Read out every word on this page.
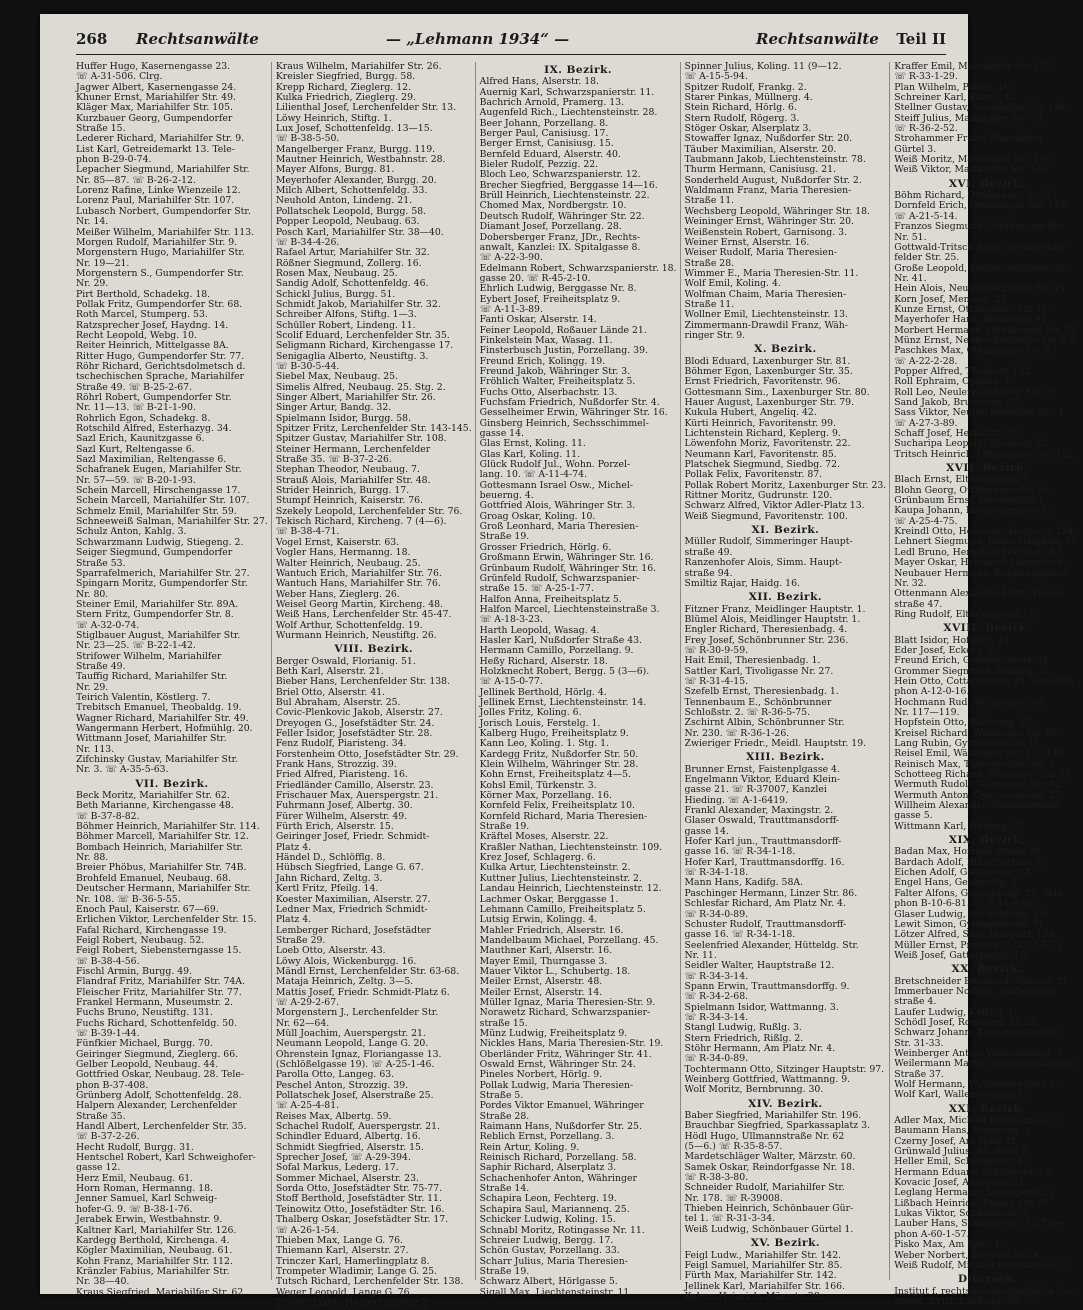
268 Rechtsanwälte	— „Lehmann 1934“ —	Rechtsanwälte Teil II
Huffer Hugo, Kasernengasse 23.
☏ A-31-506. Clrg.
Jagwer Albert, Kasernengasse 24.
Khuner Ernst, Mariahilfer Str. 49.
Kläger Max, Mariahilfer Str. 105.
Kurzbauer Georg, Gumpendorfer
Straße 15.
Lederer Richard, Mariahilfer Str. 9.
List Karl, Getreidemarkt 13. Tele-
phon B-29-0-74.
Lepacher Siegmund, Mariahilfer Str.
Nr. 85—87. ☏ B-26-2-12.
Lorenz Rafine, Linke Wienzeile 12.
Lorenz Paul, Mariahilfer Str. 107.
Lubasch Norbert, Gumpendorfer Str.
Nr. 14.
Meißer Wilhelm, Mariahilfer Str. 113.
Morgen Rudolf, Mariahilfer Str. 9.
Morgenstern Hugo, Mariahilfer Str.
Nr. 19—21.
Morgenstern S., Gumpendorfer Str.
Nr. 29.
Pirt Berthold, Schadekg. 18.
Pollak Fritz, Gumpendorfer Str. 68.
Roth Marcel, Stumperg. 53.
Ratzsprecher Josef, Haydng. 14.
Recht Leopold, Webg. 10.
Reiter Heinrich, Mittelgasse 8A.
Ritter Hugo, Gumpendorfer Str. 77.
Röhr Richard, Gerichtsdolmetsch d.
tschechischen Sprache, Mariahilfer
Straße 49. ☏ B-25-2-67.
Röhrl Robert, Gumpendorfer Str.
Nr. 11—13. ☏ B-21-1-90.
Rohrlich Egon, Schadekg. 8.
Rotschild Alfred, Esterhazyg. 34.
Sazl Erich, Kaunitzgasse 6.
Sazl Kurt, Reltengasse 6.
Sazl Maximilian, Reltengasse 6.
Schafranek Eugen, Mariahilfer Str.
Nr. 57—59. ☏ B-20-1-93.
Schein Marcell, Hirschengasse 17.
Schein Marcell, Mariahilfer Str. 107.
Schmelz Emil, Mariahilfer Str. 59.
Schneeweiß Salman, Mariahilfer Str. 27.
Schulz Anton, Kahlg. 3.
Schwarzmann Ludwig, Stiegeng. 2.
Seiger Siegmund, Gumpendorfer
Straße 53.
Sparrafelmerich, Mariahilfer Str. 27.
Spingarn Moritz, Gumpendorfer Str.
Nr. 80.
Steiner Emil, Mariahilfer Str. 89A.
Stern Fritz, Gumpendorfer Str. 8.
☏ A-32-0-74.
Stiglbauer August, Mariahilfer Str.
Nr. 23—25. ☏ B-22-1-42.
Strifower Wilhelm, Mariahilfer
Straße 49.
Tauffig Richard, Mariahilfer Str.
Nr. 29.
Teirich Valentin, Köstlerg. 7.
Trebitsch Emanuel, Theobaldg. 19.
Wagner Richard, Mariahilfer Str. 49.
Wangermann Herbert, Hofmühlg. 20.
Wittmann Josef, Mariahilfer Str.
Nr. 113.
Zifchinsky Gustav, Mariahilfer Str.
Nr. 3. ☏ A-35-5-63.
VII. Bezirk.
Beck Moritz, Mariahilfer Str. 62.
Beth Marianne, Kirchengasse 48.
☏ B-37-8-82.
Böhmer Heinrich, Mariahilfer Str. 114.
Böhmer Marcell, Mariahilfer Str. 12.
Bombach Heinrich, Mariahilfer Str.
Nr. 88.
Breier Phöbus, Mariahilfer Str. 74B.
Brohfeld Emanuel, Neubaug. 68.
Deutscher Hermann, Mariahilfer Str.
Nr. 108. ☏ B-36-5-55.
Enoch Paul, Kaiserstr. 67—69.
Erlichen Viktor, Lerchenfelder Str. 15.
Fafal Richard, Kirchengasse 19.
Feigl Robert, Neubaug. 52.
Feigl Robert, Siebensterngasse 15.
☏ B-38-4-56.
Fischl Armin, Burgg. 49.
Flandraf Fritz, Mariahilfer Str. 74A.
Fleischer Fritz, Mariahilfer Str. 77.
Frankel Hermann, Museumstr. 2.
Fuchs Bruno, Neustiftg. 131.
Fuchs Richard, Schottenfeldg. 50.
☏ B-39-1-44.
Fünfkier Michael, Burgg. 70.
Geiringer Siegmund, Zieglerg. 66.
Gelber Leopold, Neubaug. 44.
Gottfried Oskar, Neubaug. 28. Tele-
phon B-37-408.
Grünberg Adolf, Schottenfeldg. 28.
Halpern Alexander, Lerchenfelder
Straße 35.
Handl Albert, Lerchenfelder Str. 35.
☏ B-37-2-26.
Hecht Rudolf, Burgg. 31.
Hentschel Robert, Karl Schweighofer-
gasse 12.
Herz Emil, Neubaug. 61.
Horn Roman, Hermanng. 18.
Jenner Samuel, Karl Schweig-
hofer-G. 9. ☏ B-38-1-76.
Jerabek Erwin, Westbahnstr. 9.
Kaltner Karl, Mariahilfer Str. 126.
Kardegg Berthold, Kirchenga. 4.
Kögler Maximilian, Neubaug. 61.
Kohn Franz, Mariahilfer Str. 112.
Kränzler Fabius, Mariahilfer Str.
Nr. 38—40.
Kraus Siegfried, Mariahilfer Str. 62.
Kraus Wilhelm, Mariahilfer Str. 26.
Kreisler Siegfried, Burgg. 58.
Krepp Richard, Zieglerg. 12.
Kulka Friedrich, Zieglerg. 29.
Lilienthal Josef, Lerchenfelder Str. 13.
Löwy Heinrich, Stiftg. 1.
Lux Josef, Schottenfeldg. 13—15.
☏ B-38-5-50.
Mangelberger Franz, Burgg. 119.
Mautner Heinrich, Westbahnstr. 28.
Mayer Alfons, Burgg. 81.
Meyerhofer Alexander, Burgg. 20.
Milch Albert, Schottenfeldg. 33.
Neuhold Anton, Lindeng. 21.
Pollatschek Leopold, Burgg. 58.
Popper Leopold, Neubaug. 63.
Posch Karl, Mariahilfer Str. 38—40.
☏ B-34-4-26.
Rafael Artur, Mariahilfer Str. 32.
Rößner Siegmund, Zollerg. 16.
Rosen Max, Neubaug. 25.
Sandig Adolf, Schottenfeldg. 46.
Schickl Julius, Burgg. 51.
Schmidt Jakob, Mariahilfer Str. 32.
Schreiber Alfons, Stiftg. 1—3.
Schüller Robert, Lindeng. 11.
Scolif Eduard, Lerchenfelder Str. 35.
Seligmann Richard, Kirchengasse 17.
Senigaglia Alberto, Neustiftg. 3.
☏ B-30-5-44.
Siebel Max, Neubaug. 25.
Simelis Alfred, Neubaug. 25. Stg. 2.
Singer Albert, Mariahilfer Str. 26.
Singer Artur, Bandg. 32.
Spielmann Isidor, Burgg. 58.
Spitzer Fritz, Lerchenfelder Str. 143-145.
Spitzer Gustav, Mariahilfer Str. 108.
Steiner Hermann, Lerchenfelder
Straße 35. ☏ B-37-2-26.
Stephan Theodor, Neubaug. 7.
Strauß Alois, Mariahilfer Str. 48.
Strider Heinrich, Burgg. 17.
Stumpf Heinrich, Kaiserstr. 76.
Szekely Leopold, Lerchenfelder Str. 76.
Tekisch Richard, Kircheng. 7 (4—6).
☏ B-38-4-71.
Vogel Ernst, Kaiserstr. 63.
Vogler Hans, Hermanng. 18.
Walter Heinrich, Neubaug. 25.
Wantuch Erich, Mariahilfer Str. 76.
Wantuch Hans, Mariahilfer Str. 76.
Weber Hans, Zieglerg. 26.
Weisel Georg Martin, Kircheng. 48.
Weiß Hans, Lerchenfelder Str. 45-47.
Wolf Arthur, Schottenfeldg. 19.
Wurmann Heinrich, Neustiftg. 26.
VIII. Bezirk.
Berger Oswald, Florianig. 51.
Beth Karl, Alserstr. 21.
Bieber Hans, Lerchenfelder Str. 138.
Briel Otto, Alserstr. 41.
Bul Abraham, Alserstr. 25.
Covic-Plenkovic Jakob, Alserstr. 27.
Dreyogen G., Josefstädter Str. 24.
Feller Isidor, Josefstädter Str. 28.
Fenz Rudolf, Piaristeng. 34.
Forstenheim Otto, Josefstädter Str. 29.
Frank Hans, Strozzig. 39.
Fried Alfred, Piaristeng. 16.
Friedländer Camillo, Alserstr. 23.
Frischauer Max, Auerspergstr. 21.
Fuhrmann Josef, Albertg. 30.
Fürer Wilhelm, Alserstr. 49.
Fürth Erich, Alserstr. 15.
Geiringer Josef, Friedr. Schmidt-
Platz 4.
Händel D., Schlöfflg. 8.
Hübsch Siegfried, Lange G. 67.
Jahn Richard, Zeltg. 3.
Kertl Fritz, Pfeilg. 14.
Koester Maximilian, Alserstr. 27.
Ledner Max, Friedrich Schmidt-
Platz 4.
Lemberger Richard, Josefstädter
Straße 29.
Loeb Otto, Alserstr. 43.
Löwy Alois, Wickenburgg. 16.
Mändl Ernst, Lerchenfelder Str. 63-68.
Mataja Heinrich, Zeltg. 3—5.
Mattis Josef, Friedr. Schmidt-Platz 6.
☏ A-29-2-67.
Morgenstern J., Lerchenfelder Str.
Nr. 62—64.
Müll Joachim, Auerspergstr. 21.
Neumann Leopold, Lange G. 20.
Ohrenstein Ignaz, Floriangasse 13.
(Schlößelgasse 19). ☏ A-25-1-46.
Parolla Otto, Langeg. 63.
Peschel Anton, Strozzig. 39.
Pollatschek Josef, Alserstraße 25.
☏ A-25-4-81.
Reises Max, Albertg. 59.
Schachel Rudolf, Auerspergstr. 21.
Schindler Eduard, Albertg. 16.
Schmidt Siegfried, Alserstr. 15.
Sprecher Josef, ☏ A-29-394.
Sofal Markus, Lederg. 17.
Sommer Michael, Alserstr. 23.
Sorda Otto, Josefstädter Str. 75-77.
Stoff Berthold, Josefstädter Str. 11.
Teinowitz Otto, Josefstädter Str. 16.
Thalberg Oskar, Josefstädter Str. 17.
☏ A-26-1-54.
Thieben Max, Lange G. 76.
Thiemann Karl, Alserstr. 27.
Trinczer Karl, Hamerlingplatz 8.
Trompeter Wladimir, Lange G. 25.
Tutsch Richard, Lerchenfelder Str. 138.
Weger Leopold, Lange G. 76.
Zolofer Jakob, Hamerlingplatz 2.
IX. Bezirk.
Alfred Hans, Alserstr. 18.
Auernig Karl, Schwarzspanierstr. 11.
Bachrich Arnold, Pramerg. 13.
Augenfeld Rich., Liechtensteinstr. 28.
Beer Johann, Porzellang. 8.
Berger Paul, Canisiusg. 17.
Berger Ernst, Canisiusg. 15.
Bernfeld Eduard, Alserstr. 40.
Bieler Rudolf, Pezzig. 22.
Bloch Leo, Schwarzspanierstr. 12.
Brecher Siegfried, Berggasse 14—16.
Brüll Heinrich, Liechtensteinstr. 22.
Chomed Max, Nordbergstr. 10.
Deutsch Rudolf, Währinger Str. 22.
Diamant Josef, Porzellang. 28.
Dobersberger Franz, JDr., Rechts-
anwalt, Kanzlei: IX. Spitalgasse 8.
☏ A-22-3-90.
Edelmann Robert, Schwarzspanierstr. 18.
gasse 20. ☏ R-45-2-10.
Ehrlich Ludwig, Berggasse Nr. 8.
Eybert Josef, Freiheitsplatz 9.
☏ A-11-3-89.
Fanti Oskar, Alserstr. 14.
Feiner Leopold, Roßauer Lände 21.
Finkelstein Max, Wasag. 11.
Finsterbusch Justin, Porzellang. 39.
Freund Erich, Kolingg. 19.
Freund Jakob, Währinger Str. 3.
Fröhlich Walter, Freiheitsplatz 5.
Fuchs Otto, Alserbachstr. 13.
Fuchsfam Friedrich, Nußdorfer Str. 4.
Gesselheimer Erwin, Währinger Str. 16.
Ginsberg Heinrich, Sechsschimmel-
gasse 14.
Glas Ernst, Koling. 11.
Glas Karl, Koling. 11.
Glück Rudolf Jul., Wohn. Porzel-
lang. 10. ☏ A-11-4-74.
Gottesmann Israel Osw., Michel-
beuerng. 4.
Gottfried Alois, Währinger Str. 3.
Groag Oskar, Koling. 10.
Groß Leonhard, Maria Theresien-
Straße 19.
Grosser Friedrich, Hörlg. 6.
Großmann Erwin, Währinger Str. 16.
Grünbaum Rudolf, Währinger Str. 16.
Grünfeld Rudolf, Schwarzspanier-
straße 15. ☏ A-25-1-77.
Halfon Anna, Freiheitsplatz 5.
Halfon Marcel, Liechtensteinstraße 3.
☏ A-18-3-23.
Harth Leopold, Wasag. 4.
Hasler Karl, Nußdorfer Straße 43.
Hermann Camillo, Porzellang. 9.
Heßy Richard, Alserstr. 18.
Holzknecht Robert, Bergg. 5 (3—6).
☏ A-15-0-77.
Jellinek Berthold, Hörlg. 4.
Jellinek Ernst, Liechtensteinstr. 14.
Jolles Fritz, Koling. 6.
Jorisch Louis, Ferstelg. 1.
Kalberg Hugo, Freiheitsplatz 9.
Kann Leo, Koling. 1. Stg. 1.
Kardegg Fritz, Nußdorfer Str. 50.
Klein Wilhelm, Währinger Str. 28.
Kohn Ernst, Freiheitsplatz 4—5.
Kohsl Emil, Türkenstr. 3.
Körner Max, Porzellang. 16.
Kornfeld Felix, Freiheitsplatz 10.
Kornfeld Richard, Maria Theresien-
Straße 19.
Kräftel Moses, Alserstr. 22.
Kraßler Nathan, Liechtensteinstr. 109.
Krez Josef, Schlagerg. 6.
Kulka Artur, Liechtensteinstr. 2.
Kuttner Julius, Liechtensteinstr. 2.
Landau Heinrich, Liechtensteinstr. 12.
Lachmer Oskar, Berggasse 1.
Lehmann Camillo, Freiheitsplatz 5.
Lutsig Erwin, Kolingg. 4.
Mahler Friedrich, Alserstr. 16.
Mandelbaum Michael, Porzellang. 45.
Mauthner Karl, Alserstr. 16.
Mayer Emil, Thurngasse 3.
Mauer Viktor L., Schubertg. 18.
Meiler Ernst, Alserstr. 48.
Meiler Ernst, Alserstr. 14.
Müller Ignaz, Maria Theresien-Str. 9.
Norawetz Richard, Schwarzspanier-
straße 15.
Münz Ludwig, Freiheitsplatz 9.
Nickles Hans, Maria Theresien-Str. 19.
Oberländer Fritz, Währinger Str. 41.
Oswald Ernst, Währinger Str. 24.
Pineles Norbert, Hörlg. 9.
Pollak Ludwig, Maria Theresien-
Straße 5.
Pordes Viktor Emanuel, Währinger
Straße 28.
Raimann Hans, Nußdorfer Str. 25.
Reblich Ernst, Porzellang. 3.
Rein Artur, Koling. 9.
Reinisch Richard, Porzellang. 58.
Saphir Richard, Alserplatz 3.
Schachenhofer Anton, Währinger
Straße 14.
Schapira Leon, Fechterg. 19.
Schapira Saul, Mariannenq. 25.
Schicker Ludwig, Koling. 15.
Schnabl Moritz, Rotingasse Nr. 11.
Schreier Ludwig, Bergg. 17.
Schön Gustav, Porzellang. 33.
Scharr Julius, Maria Theresien-
Straße 19.
Schwarz Albert, Hörlgasse 5.
Sigall Max, Liechtensteinstr. 11.
Spinner Julius, Koling. 11 (9—12.
☏ A-15-5-94.
Spitzer Rudolf, Frankg. 2.
Starer Pinkas, Müllnerg. 4.
Stein Richard, Hörlg. 6.
Stern Rudolf, Rögerg. 3.
Stöger Oskar, Alserplatz 3.
Stowaffer Ignaz, Nußdorfer Str. 20.
Täuber Maximilian, Alserstr. 20.
Taubmann Jakob, Liechtensteinstr. 78.
Thurm Hermann, Canisiusg. 21.
Sonderheld August, Nußdorfer Str. 2.
Waldmann Franz, Maria Theresien-
Straße 11.
Wechsberg Leopold, Währinger Str. 18.
Weininger Ernst, Währinger Str. 20.
Weißenstein Robert, Garnisong. 3.
Weiner Ernst, Alserstr. 16.
Weiser Rudolf, Maria Theresien-
Straße 28.
Wimmer E., Maria Theresien-Str. 11.
Wolf Emil, Koling. 4.
Wolfman Chaim, Maria Theresien-
Straße 11.
Wollner Emil, Liechtensteinstr. 13.
Zimmermann-Drawdil Franz, Wäh-
ringer Str. 9.
X. Bezirk.
Blodi Eduard, Laxenburger Str. 81.
Böhmer Egon, Laxenburger Str. 35.
Ernst Friedrich, Favoritenstr. 96.
Gottesmann Sim., Laxenburger Str. 80.
Hauer August, Laxenburger Str. 79.
Kukula Hubert, Angeliq. 42.
Kürti Heinrich, Favoritenstr. 99.
Lichtenstein Richard, Keplerg. 9.
Löwenfohn Moriz, Favoritenstr. 22.
Neumann Karl, Favoritenstr. 85.
Platschek Siegmund, Siedbg. 72.
Pollak Felix, Favoritenstr. 87.
Pollak Robert Moritz, Laxenburger Str. 23.
Rittner Moritz, Gudrunstr. 120.
Schwarz Alfred, Viktor Adler-Platz 13.
Weiß Siegmund, Favoritenstr. 100.
XI. Bezirk.
Müller Rudolf, Simmeringer Haupt-
straße 49.
Ranzenhofer Alois, Simm. Haupt-
straße 94.
Smiltiz Rajar, Haidg. 16.
XII. Bezirk.
Fitzner Franz, Meidlinger Hauptstr. 1.
Blümel Alois, Meidlinger Hauptstr. 1.
Engler Richard, Theresienbadg. 4.
Frey Josef, Schönbrunner Str. 236.
☏ R-30-9-59.
Hait Emil, Theresienbadg. 1.
Sattler Karl, Tivoligasse Nr. 27.
☏ R-31-4-15.
Szefelb Ernst, Theresienbadg. 1.
Tennenbaum E., Schönbrunner
Schloßstr. 2. ☏ R-36-5-75.
Zschirnt Albin, Schönbrunner Str.
Nr. 230. ☏ R-36-1-26.
Zwieriger Friedr., Meidl. Hauptstr. 19.
XIII. Bezirk.
Brunner Ernst, Faistenplgasse 4.
Engelmann Viktor, Eduard Klein-
gasse 21. ☏ R-37007, Kanzlei
Hieding. ☏ A-1-6419.
Frankl Alexander, Maxingstr. 2.
Glaser Oswald, Trauttmansdorff-
gasse 14.
Hofer Karl jun., Trauttmansdorff-
gasse 16. ☏ R-34-1-18.
Hofer Karl, Trauttmansdorffg. 16.
☏ R-34-1-18.
Mann Hans, Kadifg. 58A.
Paschinger Hermann, Linzer Str. 86.
Schlesfar Richard, Am Platz Nr. 4.
☏ R-34-0-89.
Schuster Rudolf, Trauttmansdorff-
gasse 16. ☏ R-34-1-18.
Seelenfried Alexander, Hütteldg. Str.
Nr. 11.
Seidler Walter, Hauptstraße 12.
☏ R-34-3-14.
Spann Erwin, Trauttmansdorffg. 9.
☏ R-34-2-68.
Spielmann Isidor, Wattmanng. 3.
☏ R-34-3-14.
Stangl Ludwig, Rußlg. 3.
Stern Friedrich, Rißlg. 2.
Stöhr Hermann, Am Platz Nr. 4.
☏ R-34-0-89.
Tochtermann Otto, Sitzinger Hauptstr. 97.
Weinberg Gottfried, Wattmanng. 9.
Wolf Moritz, Bernbrunng. 30.
XIV. Bezirk.
Baber Siegfried, Mariahilfer Str. 196.
Brauchbar Siegfried, Sparkassaplatz 3.
Hödl Hugo, Ullmannstraße Nr. 62
(5—6.) ☏ R-35-8-57.
Mardetschläger Walter, Märzstr. 60.
Samek Oskar, Reindorfgasse Nr. 18.
☏ R-38-3-80.
Schneider Rudolf, Mariahilfer Str.
Nr. 178. ☏ R-39008.
Thieben Heinrich, Schönbauer Gür-
tel 1. ☏ R-31-3-34.
Weiß Ludwig, Schönbauer Gürtel 1.
XV. Bezirk.
Feigl Ludw., Mariahilfer Str. 142.
Feigl Samuel, Mariahilfer Str. 85.
Fürth Max, Mariahilfer Str. 142.
Jellinek Karl, Mariahilfer Str. 166.
Kelern Heinrich, Märzstr. 28.
Kraffer Emil, Mariahilfer Str. 133.
☏ R-33-1-29.
Plan Wilhelm, Palmg. 10.
Schreiner Karl, Palmg. 10.
Stellner Gustav, Mariahilfer Str. 146.
Steiff Julius, Mariahilfer Str. 19.
☏ R-36-2-52.
Strohammer Franz, Mariahilfer
Gürtel 3.
Weiß Moritz, Mariahilfer Str. 165.
Weiß Viktor, Mariahilfer Str. 165.
XVI. Bezirk.
Böhm Richard, Ottakringer Str. 71.
Dornfeld Erich, Ottakringer Str. 149.
☏ A-21-5-14.
Franzos Siegmund, Ottakringer Str.
Nr. 51.
Gottwald-Tritsch Stella, Neulerchen-
felder Str. 25.
Große Leopold, Neulerchenfelder Str.
Nr. 41.
Hein Alois, Neulerchenfelder Str. 21.
Korn Josef, Menzelg. 23.
Kunze Ernst, Ottakringer Str. 19.
Mayerhofer Hans, Brunneng. 41.
Morbert Hermann, Ottakringer Str. 71.
Münz Ernst, Neulerchenfelder Str. 6-8.
Paschkes Max, Ottakringer Str. 83.
☏ A-22-2-28.
Popper Alfred, Thaliastr. 132.
Roll Ephraim, Oppeng. 1.
Roll Leo, Neulerchenfelder Str. 27.
Sand Jakob, Brunneng. 67.
Sass Viktor, Neulerchenfelder Str. 4.
☏ A-27-3-89.
Schaff Josef, Herbststr. 23.
Sucharipa Leopold, Thaliastr. 22.
Tritsch Heinrich, Ottakringer Str. 102.
XVII. Bezirk.
Blach Ernst, Elterleinplatz 1.
Blohn Georg, Ottakringer Str. 96.
Grünbaum Ernst, Dornerplatz 1.
Kaupa Johann, Bergsteiggasse 27.
☏ A-25-4-75.
Kreindl Otto, Hernalser Hauptstr. 124.
Lehnert Siegmund, Hern. Hauptstr. 19.
Ledl Bruno, Hernalser Hauptstr. 67.
Mayer Oskar, Hernalser Hauptstr. 8.
Neubauer Hermann, Bergsteiggasse
Nr. 32.
Ottenmann Alexander, Hern. Haupt-
straße 47.
Ring Rudolf, Elterleinplatz 15.
XVIII. Bezirk.
Blatt Isidor, Hoftlatg. 14.
Eder Josef, Eckerg. 8.
Freund Erich, Gymnasiumstr. 32.
Grommer Siegmund, Höhneg. 3.
Hein Otto, Cottagegasse 25. Telephon
phon A-12-0-16.
Hochmann Rud., Währinger Str.
Nr. 117—119.
Hopfstein Otto, Weltvögg. 27.
Kreisel Richard, Währinger Str. 80.
Lang Rubin, Gymnasiumstr. 11.
Reisel Emil, Währinger Str. 117-119.
Reinisch Max, Türkenschanzstr. 7.
Schotteeg Richard, Währinger Str. 71.
Wermuth Rudolf, Währinger Str. 80.
Wermuth Anton, Gymnasiumstr. 27.
Willheim Alexander, Weckenbrunnl-
gasse 5.
Wittmann Karl, Höhneg. 27.
XIX. Bezirk.
Badan Max, Hofzeile straße 26.
Bardach Adolf, Billrothstraße 13.
Eichen Adolf, Gatterburg. 18.
Engel Hans, Gebhardtg. 5.
Falter Alfons, Gatterburgg. 23. Tele-
phon B-10-6-81. ☏ B-11-4-88.
Glaser Ludwig, Gatterburgg. 19.
Lewit Simon, Gymnasiumstr. 71.
Lötzer Alfred, Sieb. Hauptstr. 13A.
Müller Ernst, Probusg. 1. B-15-5-73.
Weiß Josef, Gatterburgg. 18.
XX. Bezirk.
Bretschneider Bernhard, Spaung. 21.
Immerbauer Norbert, Wallenstein-
straße 4.
Laufer Ludwig, Kafslig. 1.
Schödl Josef, Romanog. 21-23.
Schwarz Johann, Klosterneuburger
Str. 31-33.
Weinberger Anton, Wallensteinpl. 3.
Weilermann Martin, Klosterneuburger
Straße 37.
Wolf Hermann, Wallensteinplatz 3.
Wolf Karl, Wallensteinplatz 3.
XXI. Bezirk.
Adler Max, Michael Dietmann-G. 2.
Baumann Hans, Hanningg. 1.
Czerny Josef, Am Spitz 22.
Grünwald Julius, Am Spitz 3.
Heller Emil, Schlingerstr. 8.
Hermann Eduard, Schlingerstr. 7.
Kovacic Josef, Angererstr. 1.
Leglang Hermann, Schlingerstr. 2.
Lißbach Heinrich, Prager Str. 19.
Lukas Viktor, Schlingerstr. 2.
Lauber Hans, Schlingerstr. 12. Tele-
phon A-60-1-57.
Pisko Max, Am Spitz 10.
Weber Norbert, Brünner Str. 4.
Weiß Rudolf, Michael Dietmann-G. 3.
Diverses.
Institut f. rechtswissenschaftliche Vor-
arbeit, XVIII, Edelhofg. 30. ☏
